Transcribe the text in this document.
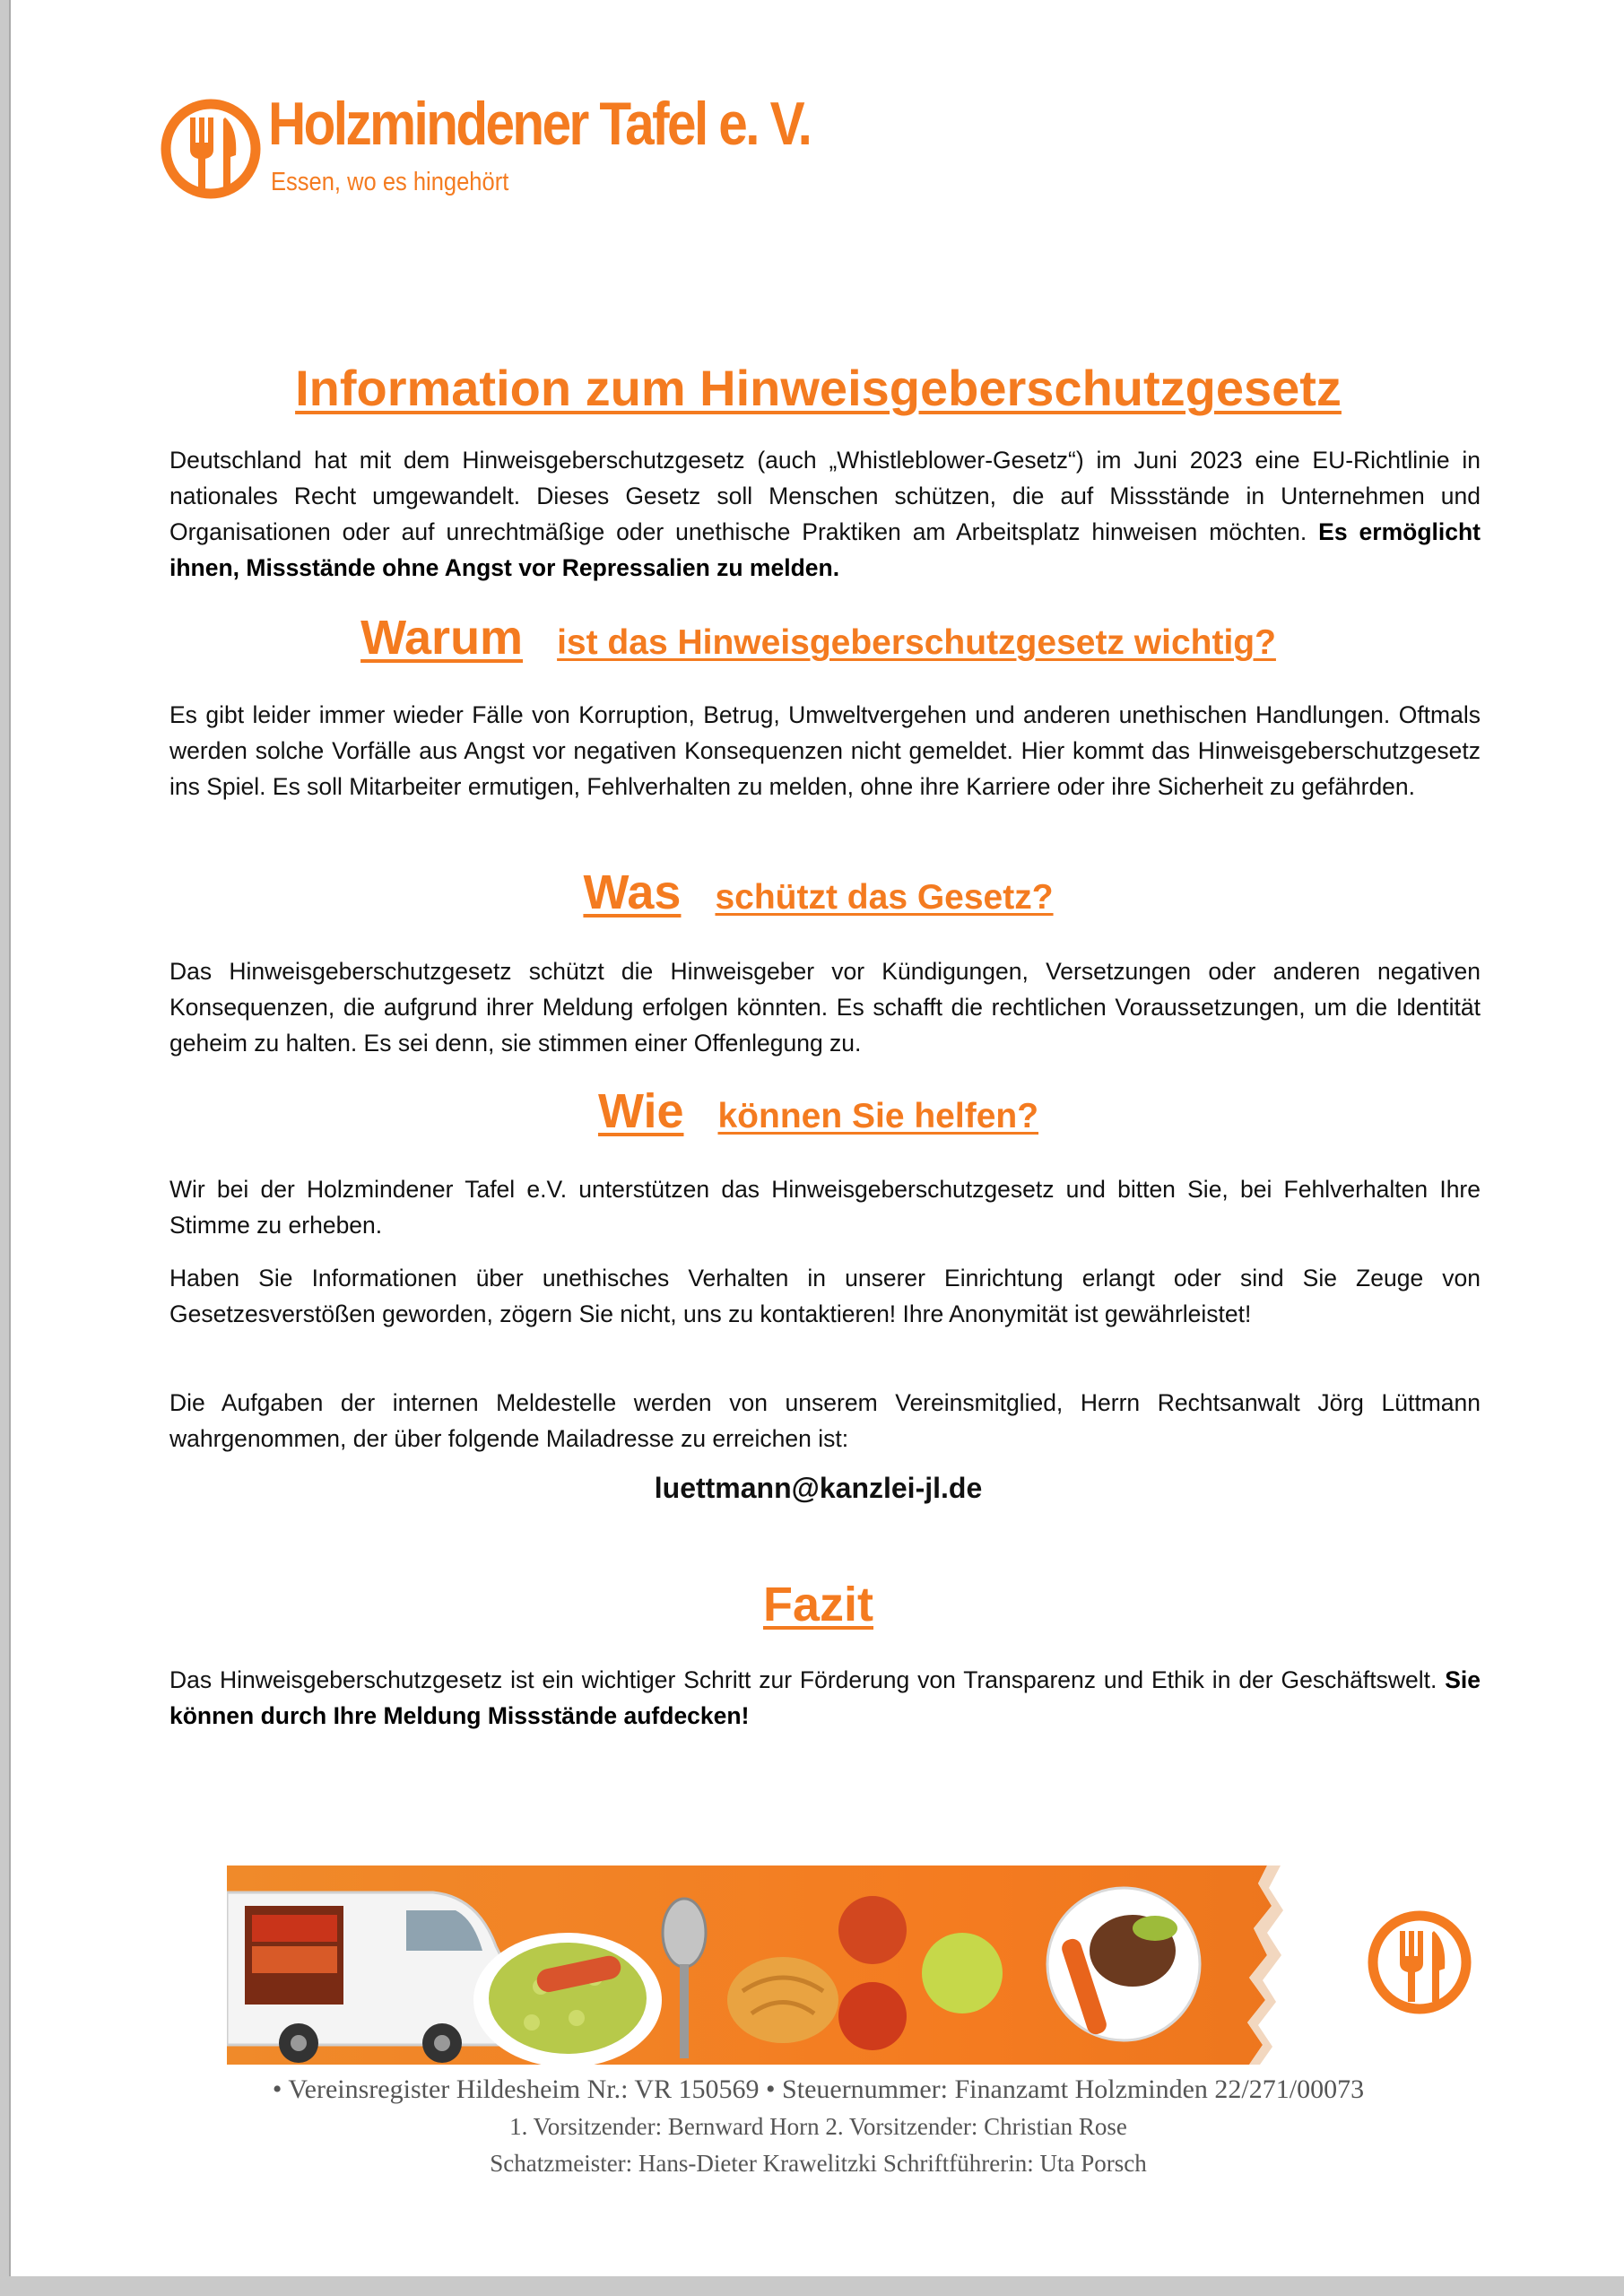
Holzmindener Tafel e. V.
Essen, wo es hingehört
Information zum Hinweisgeberschutzgesetz
Deutschland hat mit dem Hinweisgeberschutzgesetz (auch „Whistleblower-Gesetz“) im Juni 2023 eine EU-Richtlinie in nationales Recht umgewandelt. Dieses Gesetz soll Menschen schützen, die auf Missstände in Unternehmen und Organisationen oder auf unrechtmäßige oder unethische Praktiken am Arbeitsplatz hinweisen möchten. Es ermöglicht ihnen, Missstände ohne Angst vor Repressalien zu melden.
Warum ist das Hinweisgeberschutzgesetz wichtig?
Es gibt leider immer wieder Fälle von Korruption, Betrug, Umweltvergehen und anderen unethischen Handlungen. Oftmals werden solche Vorfälle aus Angst vor negativen Konsequenzen nicht gemeldet. Hier kommt das Hinweisgeberschutzgesetz ins Spiel. Es soll Mitarbeiter ermutigen, Fehlverhalten zu melden, ohne ihre Karriere oder ihre Sicherheit zu gefährden.
Was schützt das Gesetz?
Das Hinweisgeberschutzgesetz schützt die Hinweisgeber vor Kündigungen, Versetzungen oder anderen negativen Konsequenzen, die aufgrund ihrer Meldung erfolgen könnten. Es schafft die rechtlichen Voraussetzungen, um die Identität geheim zu halten. Es sei denn, sie stimmen einer Offenlegung zu.
Wie können Sie helfen?
Wir bei der Holzmindener Tafel e.V. unterstützen das Hinweisgeberschutzgesetz und bitten Sie, bei Fehlverhalten Ihre Stimme zu erheben.
Haben Sie Informationen über unethisches Verhalten in unserer Einrichtung erlangt oder sind Sie Zeuge von Gesetzesverstößen geworden, zögern Sie nicht, uns zu kontaktieren! Ihre Anonymität ist gewährleistet!
Die Aufgaben der internen Meldestelle werden von unserem Vereinsmitglied, Herrn Rechtsanwalt Jörg Lüttmann wahrgenommen, der über folgende Mailadresse zu erreichen ist:
luettmann@kanzlei-jl.de
Fazit
Das Hinweisgeberschutzgesetz ist ein wichtiger Schritt zur Förderung von Transparenz und Ethik in der Geschäftswelt. Sie können durch Ihre Meldung Missstände aufdecken!
• Vereinsregister Hildesheim Nr.: VR 150569 • Steuernummer: Finanzamt Holzminden 22/271/00073
1. Vorsitzender: Bernward Horn 2. Vorsitzender: Christian Rose
Schatzmeister: Hans-Dieter Krawelitzki Schriftführerin: Uta Porsch
